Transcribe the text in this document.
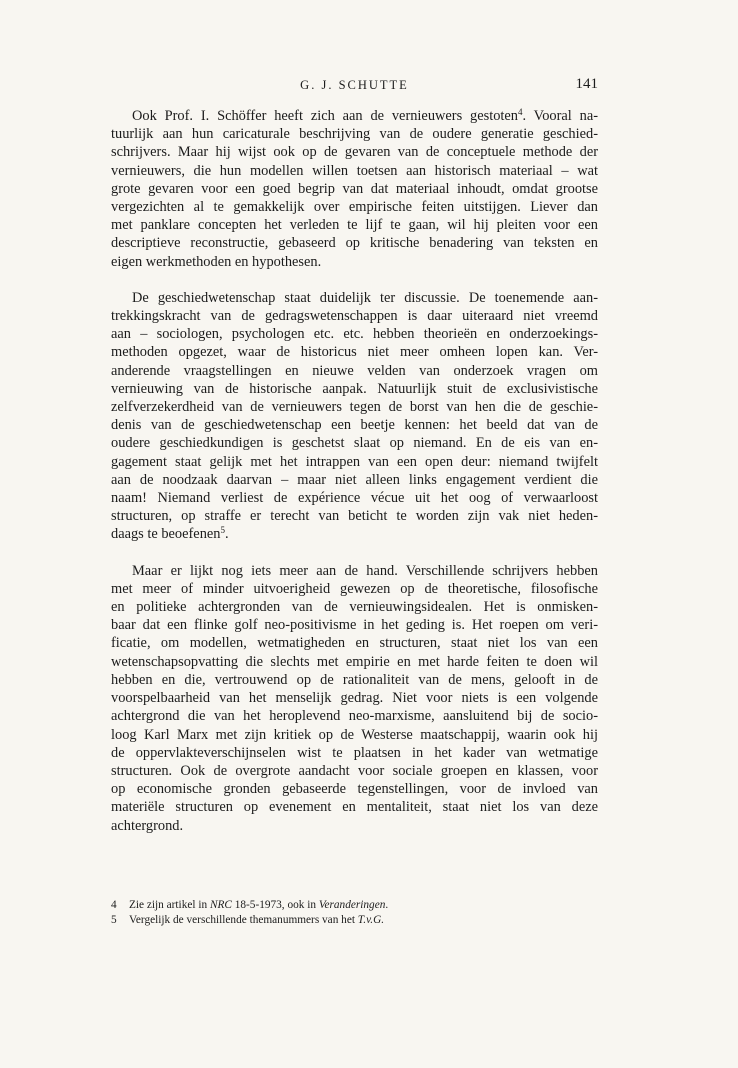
G. J. SCHUTTE	141
Ook Prof. I. Schöffer heeft zich aan de vernieuwers gestoten$^4$. Vooral na-
tuurlijk aan hun caricaturale beschrijving van de oudere generatie geschied-
schrijvers. Maar hij wijst ook op de gevaren van de conceptuele methode der
vernieuwers, die hun modellen willen toetsen aan historisch materiaal – wat
grote gevaren voor een goed begrip van dat materiaal inhoudt, omdat grootse
vergezichten al te gemakkelijk over empirische feiten uitstijgen. Liever dan
met panklare concepten het verleden te lijf te gaan, wil hij pleiten voor een
descriptieve reconstructie, gebaseerd op kritische benadering van teksten en
eigen werkmethoden en hypothesen.
De geschiedwetenschap staat duidelijk ter discussie. De toenemende aan-
trekkingskracht van de gedragswetenschappen is daar uiteraard niet vreemd
aan – sociologen, psychologen etc. etc. hebben theorieën en onderzoekings-
methoden opgezet, waar de historicus niet meer omheen lopen kan. Ver-
anderende vraagstellingen en nieuwe velden van onderzoek vragen om
vernieuwing van de historische aanpak. Natuurlijk stuit de exclusivistische
zelfverzekerdheid van de vernieuwers tegen de borst van hen die de geschie-
denis van de geschiedwetenschap een beetje kennen: het beeld dat van de
oudere geschiedkundigen is geschetst slaat op niemand. En de eis van en-
gagement staat gelijk met het intrappen van een open deur: niemand twijfelt
aan de noodzaak daarvan – maar niet alleen links engagement verdient die
naam! Niemand verliest de expérience vécue uit het oog of verwaarloost
structuren, op straffe er terecht van beticht te worden zijn vak niet heden-
daags te beoefenen$^5$.
Maar er lijkt nog iets meer aan de hand. Verschillende schrijvers hebben
met meer of minder uitvoerigheid gewezen op de theoretische, filosofische
en politieke achtergronden van de vernieuwingsidealen. Het is onmisken-
baar dat een flinke golf neo-positivisme in het geding is. Het roepen om veri-
ficatie, om modellen, wetmatigheden en structuren, staat niet los van een
wetenschapsopvatting die slechts met empirie en met harde feiten te doen wil
hebben en die, vertrouwend op de rationaliteit van de mens, gelooft in de
voorspelbaarheid van het menselijk gedrag. Niet voor niets is een volgende
achtergrond die van het heroplevend neo-marxisme, aansluitend bij de socio-
loog Karl Marx met zijn kritiek op de Westerse maatschappij, waarin ook hij
de oppervlakteverschijnselen wist te plaatsen in het kader van wetmatige
structuren. Ook de overgrote aandacht voor sociale groepen en klassen, voor
op economische gronden gebaseerde tegenstellingen, voor de invloed van
materiële structuren op evenement en mentaliteit, staat niet los van deze
achtergrond.
4	Zie zijn artikel in NRC 18-5-1973, ook in Veranderingen.
5	Vergelijk de verschillende themanummers van het T.v.G.
